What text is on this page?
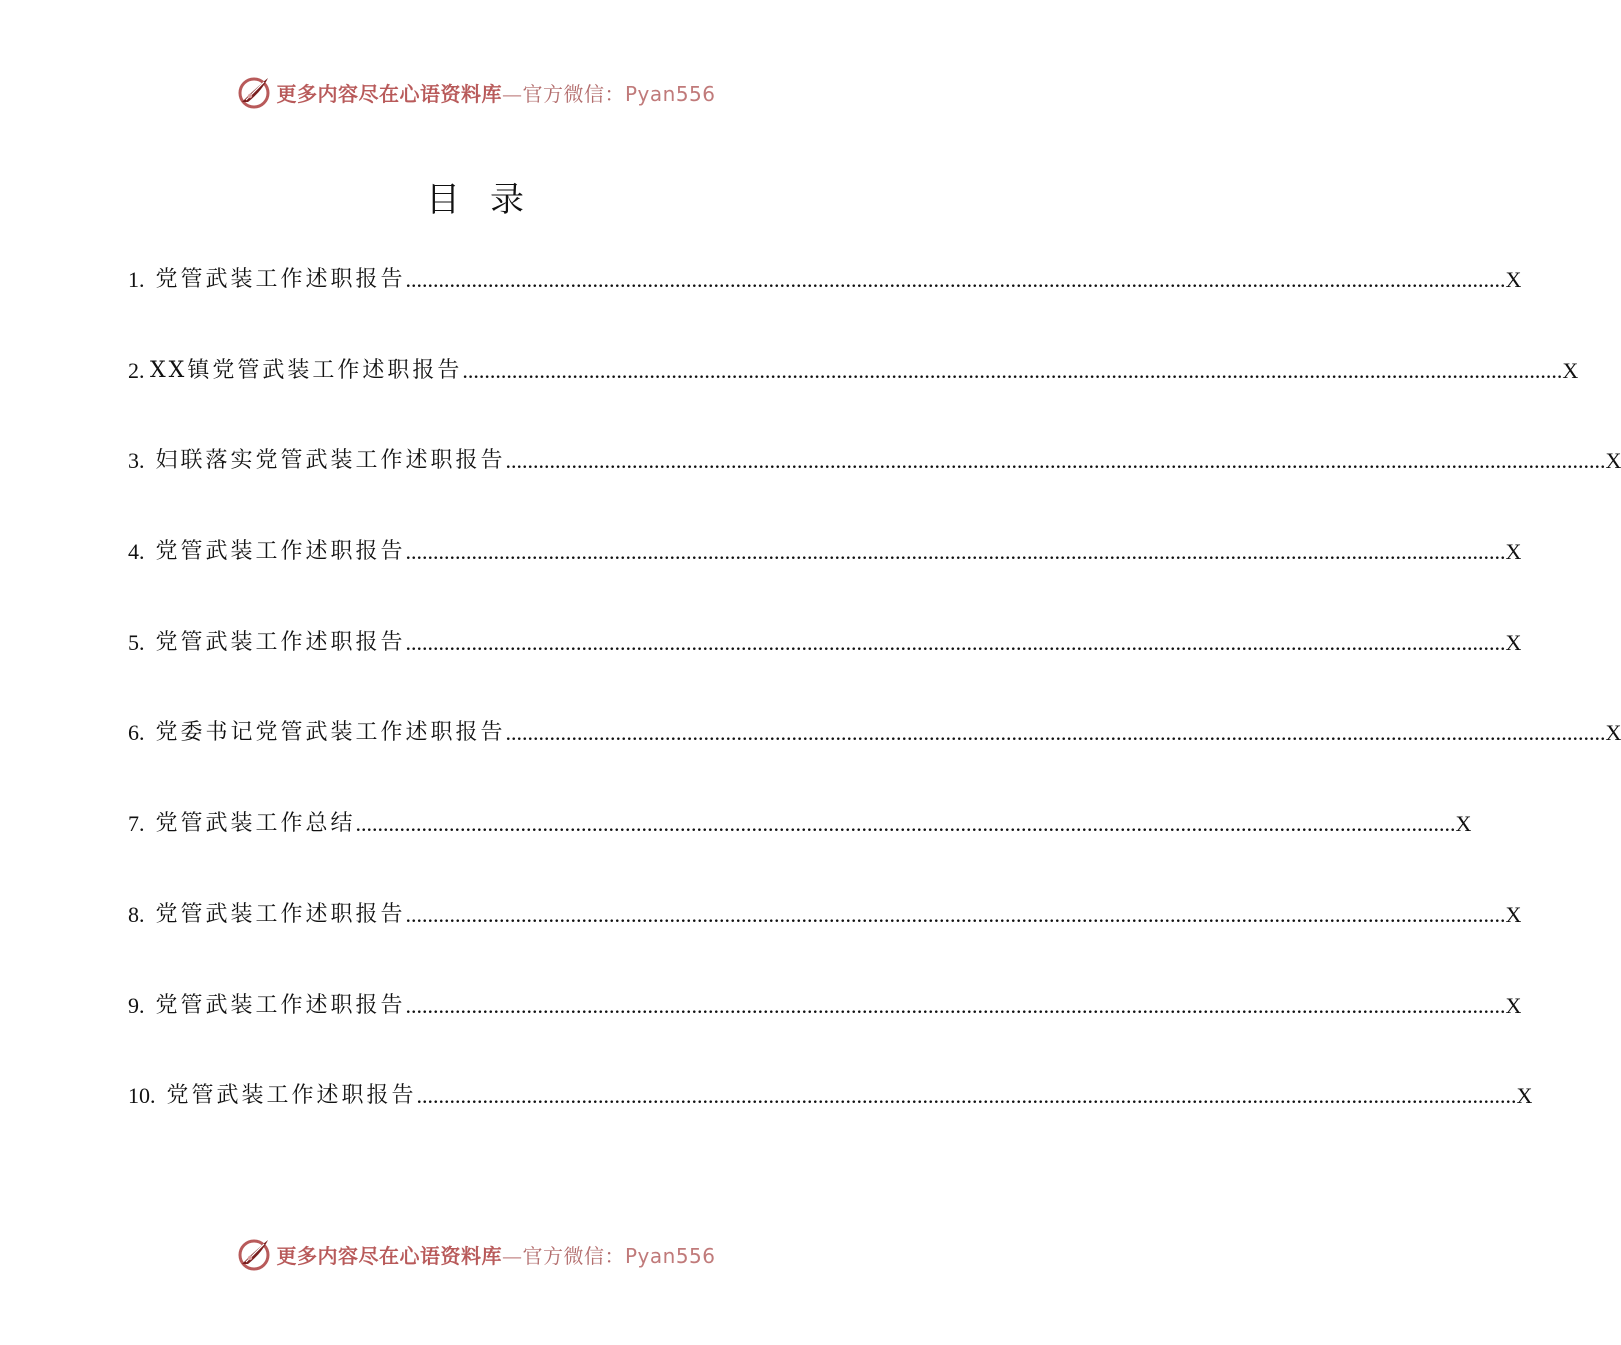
更多内容尽在心语资料库—官方微信：Pyan556
目录
1. 党管武装工作述职报告 ........................................................................................................................................................................................................ X
2. XX镇党管武装工作述职报告 ........................................................................................................................................................................................................ X
3. 妇联落实党管武装工作述职报告 ........................................................................................................................................................................................................ X
4. 党管武装工作述职报告 ........................................................................................................................................................................................................ X
5. 党管武装工作述职报告 ........................................................................................................................................................................................................ X
6. 党委书记党管武装工作述职报告 ........................................................................................................................................................................................................ X
7. 党管武装工作总结 ........................................................................................................................................................................................................ X
8. 党管武装工作述职报告 ........................................................................................................................................................................................................ X
9. 党管武装工作述职报告 ........................................................................................................................................................................................................ X
10. 党管武装工作述职报告 ........................................................................................................................................................................................................ X
更多内容尽在心语资料库—官方微信：Pyan556
